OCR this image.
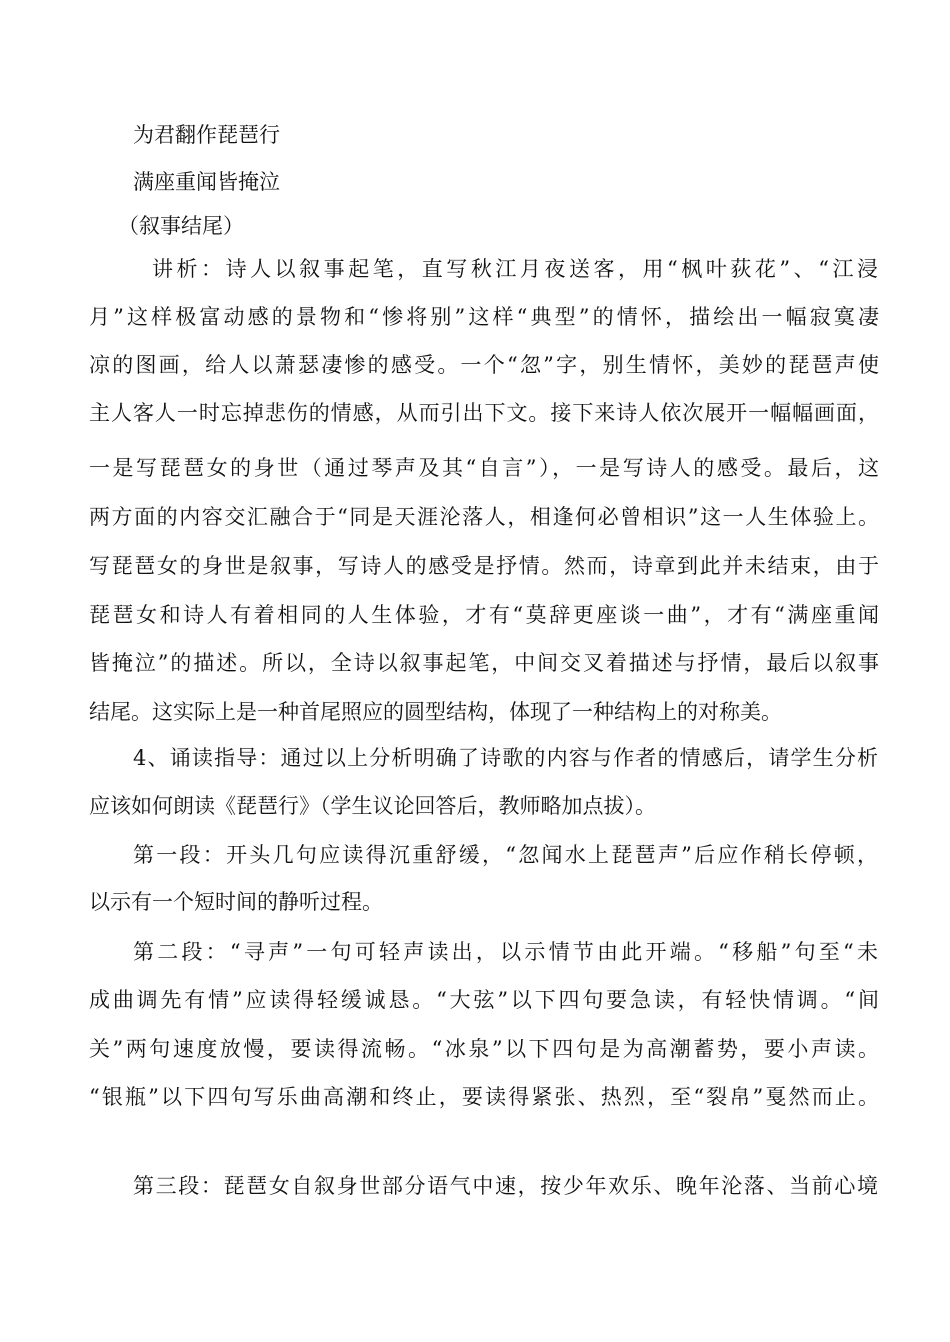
为君翻作琵琶行
满座重闻皆掩泣
（叙事结尾）
讲析：诗人以叙事起笔，直写秋江月夜送客，用“枫叶荻花”、“江浸
月”这样极富动感的景物和“惨将别”这样“典型”的情怀，描绘出一幅寂寞凄
凉的图画，给人以萧瑟凄惨的感受。一个“忽”字，别生情怀，美妙的琵琶声使
主人客人一时忘掉悲伤的情感，从而引出下文。接下来诗人依次展开一幅幅画面，
一是写琵琶女的身世（通过琴声及其“自言”），一是写诗人的感受。最后，这
两方面的内容交汇融合于“同是天涯沦落人，相逢何必曾相识”这一人生体验上。
写琵琶女的身世是叙事，写诗人的感受是抒情。然而，诗章到此并未结束，由于
琵琶女和诗人有着相同的人生体验，才有“莫辞更座谈一曲”，才有“满座重闻
皆掩泣”的描述。所以，全诗以叙事起笔，中间交叉着描述与抒情，最后以叙事
结尾。这实际上是一种首尾照应的圆型结构，体现了一种结构上的对称美。
4、诵读指导：通过以上分析明确了诗歌的内容与作者的情感后，请学生分析
应该如何朗读《琵琶行》（学生议论回答后，教师略加点拔）。
第一段：开头几句应读得沉重舒缓，“忽闻水上琵琶声”后应作稍长停顿，
以示有一个短时间的静听过程。
第二段：“寻声”一句可轻声读出，以示情节由此开端。“移船”句至“未
成曲调先有情”应读得轻缓诚恳。“大弦”以下四句要急读，有轻快情调。“间
关”两句速度放慢，要读得流畅。“冰泉”以下四句是为高潮蓄势，要小声读。
“银瓶”以下四句写乐曲高潮和终止，要读得紧张、热烈，至“裂帛”戛然而止。
第三段：琵琶女自叙身世部分语气中速，按少年欢乐、晚年沦落、当前心境
